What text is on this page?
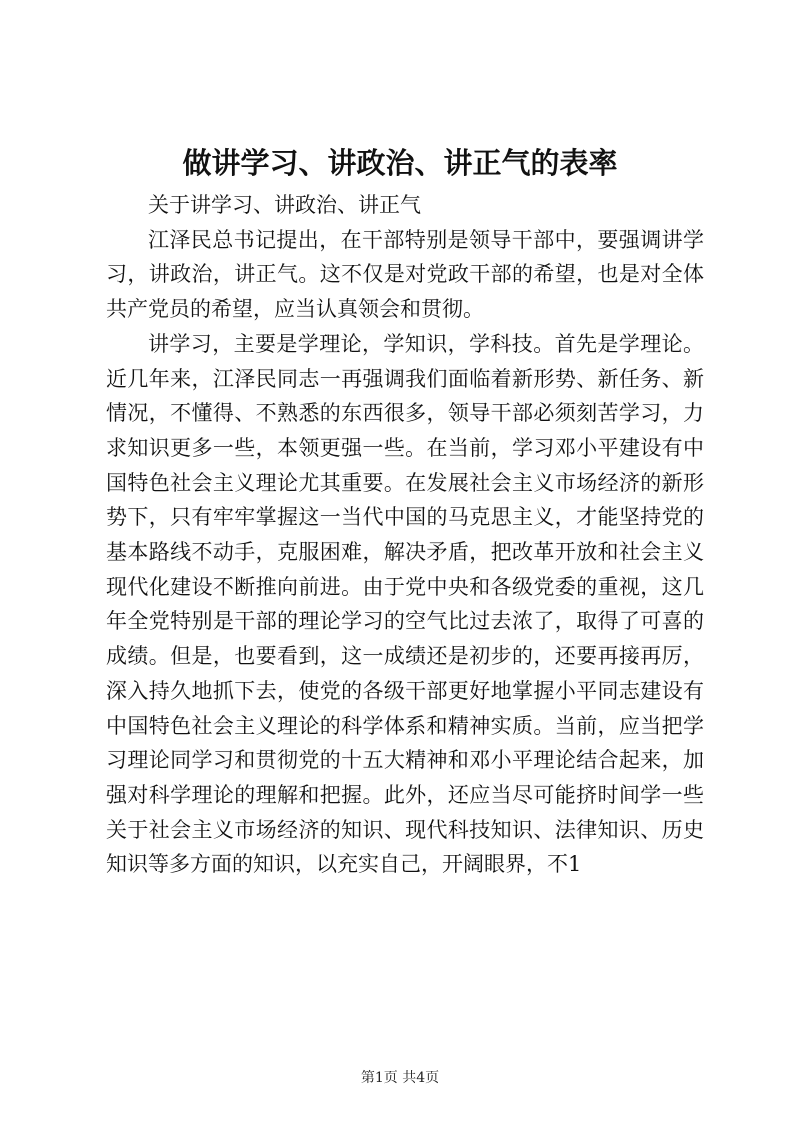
做讲学习、讲政治、讲正气的表率

关于讲学习、讲政治、讲正气

江泽民总书记提出，在干部特别是领导干部中，要强调讲学习，讲政治，讲正气。这不仅是对党政干部的希望，也是对全体共产党员的希望，应当认真领会和贯彻。

讲学习，主要是学理论，学知识，学科技。首先是学理论。近几年来，江泽民同志一再强调我们面临着新形势、新任务、新情况，不懂得、不熟悉的东西很多，领导干部必须刻苦学习，力求知识更多一些，本领更强一些。在当前，学习邓小平建设有中国特色社会主义理论尤其重要。在发展社会主义市场经济的新形势下，只有牢牢掌握这一当代中国的马克思主义，才能坚持党的基本路线不动手，克服困难，解决矛盾，把改革开放和社会主义现代化建设不断推向前进。由于党中央和各级党委的重视，这几年全党特别是干部的理论学习的空气比过去浓了，取得了可喜的成绩。但是，也要看到，这一成绩还是初步的，还要再接再厉，深入持久地抓下去，使党的各级干部更好地掌握小平同志建设有中国特色社会主义理论的科学体系和精神实质。当前，应当把学习理论同学习和贯彻党的十五大精神和邓小平理论结合起来，加强对科学理论的理解和把握。此外，还应当尽可能挤时间学一些关于社会主义市场经济的知识、现代科技知识、法律知识、历史知识等多方面的知识，以充实自己，开阔眼界，不1

第1页 共4页
